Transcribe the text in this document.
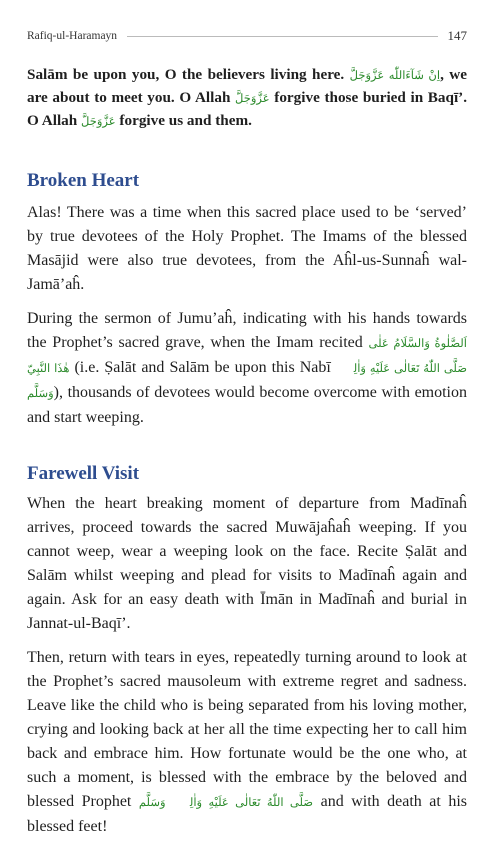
Rafiq-ul-Haramayn	147

Salām be upon you, O the believers living here. اِنْ شَآءَاللّٰه عَزَّوَجَلَّ, we are about to meet you. O Allah عَزَّوَجَلَّ forgive those buried in Baqī’. O Allah عَزَّوَجَلَّ forgive us and them.

Broken Heart

Alas! There was a time when this sacred place used to be ‘served’ by true devotees of the Holy Prophet. The Imams of the blessed Masājid were also true devotees, from the Aĥl-us-Sunnaĥ wal-Jamā’aĥ.

During the sermon of Jumu’aĥ, indicating with his hands towards the Prophet’s sacred grave, when the Imam recited اَلصَّلٰوةُ وَالسَّلَامُ عَلٰى هٰذَا النَّبِيّ (i.e. Ṣalāt and Salām be upon this Nabī صَلَّی اللّٰهُ تَعَالٰی عَلَيْهِ وَاٰلِهٖ وَسَلَّم), thousands of devotees would become overcome with emotion and start weeping.

Farewell Visit

When the heart breaking moment of departure from Madīnaĥ arrives, proceed towards the sacred Muwājaĥaĥ weeping. If you cannot weep, wear a weeping look on the face. Recite Ṣalāt and Salām whilst weeping and plead for visits to Madīnaĥ again and again. Ask for an easy death with Īmān in Madīnaĥ and burial in Jannat-ul-Baqī’.

Then, return with tears in eyes, repeatedly turning around to look at the Prophet’s sacred mausoleum with extreme regret and sadness. Leave like the child who is being separated from his loving mother, crying and looking back at her all the time expecting her to call him back and embrace him. How fortunate would be the one who, at such a moment, is blessed with the embrace by the beloved and blessed Prophet صَلَّی اللّٰهُ تَعَالٰی عَلَيْهِ وَاٰلِهٖ وَسَلَّم and with death at his blessed feet!
